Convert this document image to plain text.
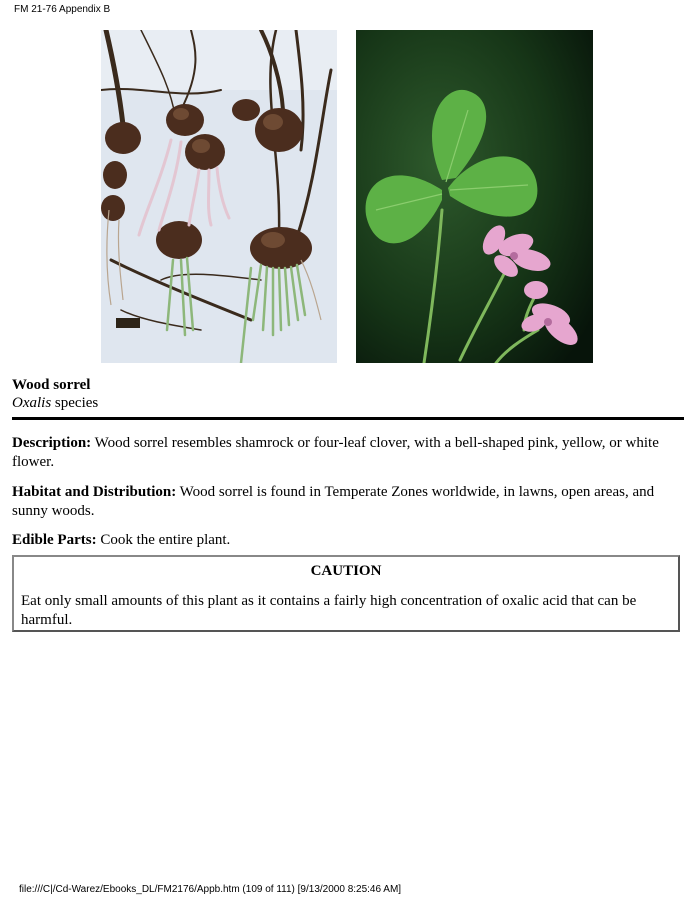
FM 21-76 Appendix B
Wood sorrel
Oxalis species
Description: Wood sorrel resembles shamrock or four-leaf clover, with a bell-shaped pink, yellow, or white flower.
Habitat and Distribution: Wood sorrel is found in Temperate Zones worldwide, in lawns, open areas, and sunny woods.
Edible Parts: Cook the entire plant.
CAUTION
Eat only small amounts of this plant as it contains a fairly high concentration of oxalic acid that can be harmful.
file:///C|/Cd-Warez/Ebooks_DL/FM2176/Appb.htm (109 of 111) [9/13/2000 8:25:46 AM]
